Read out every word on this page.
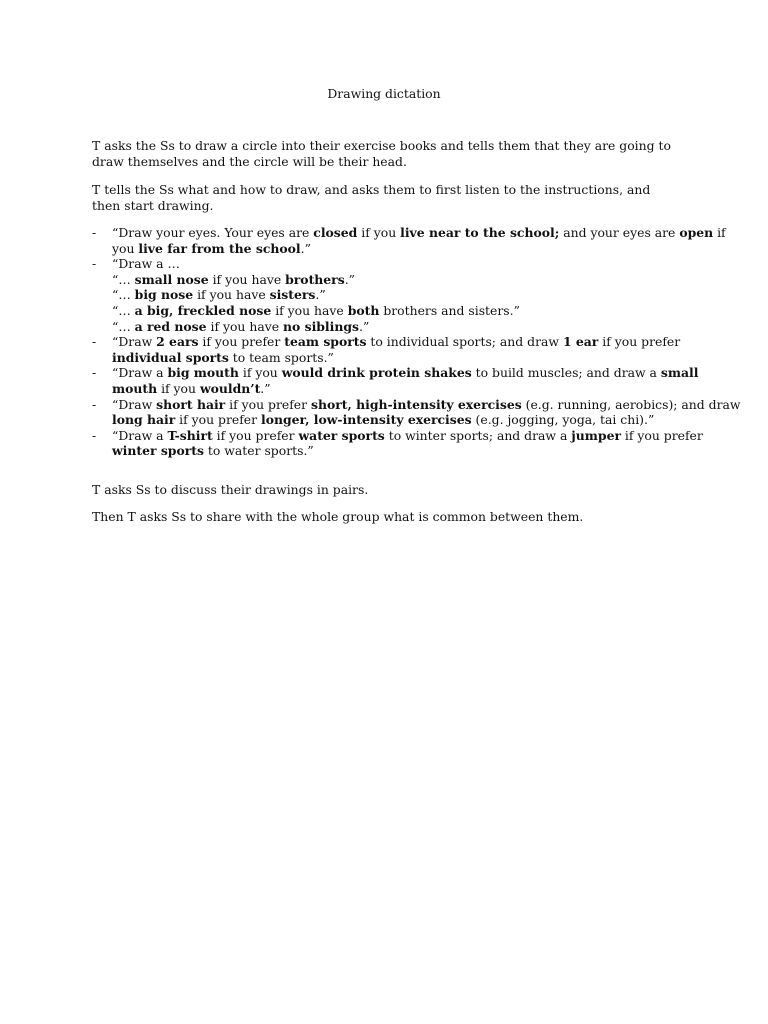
Drawing dictation

T asks the Ss to draw a circle into their exercise books and tells them that they are going to draw themselves and the circle will be their head.

T tells the Ss what and how to draw, and asks them to first listen to the instructions, and then start drawing.

- “Draw your eyes. Your eyes are closed if you live near to the school; and your eyes are open if
you live far from the school.”
- “Draw a …
“… small nose if you have brothers.”
“… big nose if you have sisters.”
“… a big, freckled nose if you have both brothers and sisters.”
“… a red nose if you have no siblings.”
- “Draw 2 ears if you prefer team sports to individual sports; and draw 1 ear if you prefer
individual sports to team sports.”
- “Draw a big mouth if you would drink protein shakes to build muscles; and draw a small
mouth if you wouldn’t.”
- “Draw short hair if you prefer short, high-intensity exercises (e.g. running, aerobics); and draw
long hair if you prefer longer, low-intensity exercises (e.g. jogging, yoga, tai chi).”
- “Draw a T-shirt if you prefer water sports to winter sports; and draw a jumper if you prefer
winter sports to water sports.”

T asks Ss to discuss their drawings in pairs.

Then T asks Ss to share with the whole group what is common between them.
